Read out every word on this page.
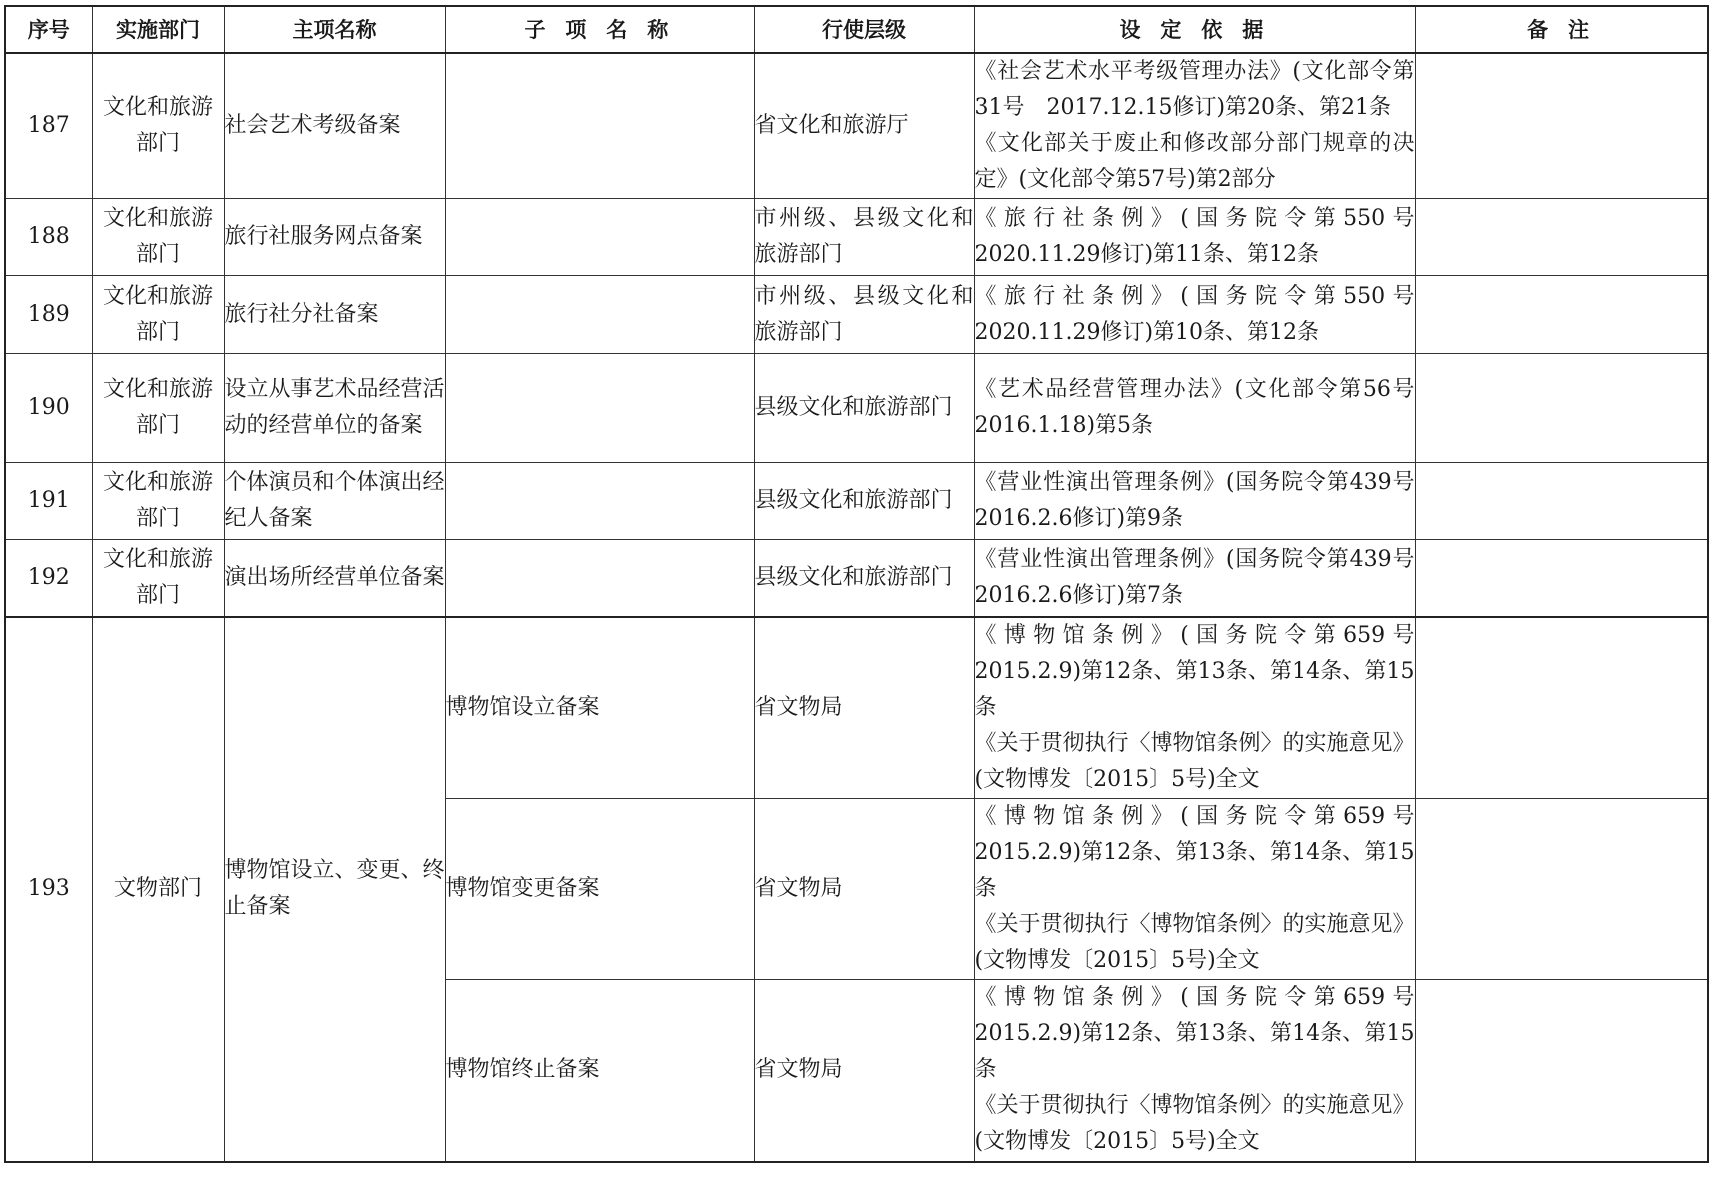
序号	实施部门	主项名称	子 项 名 称	行使层级	设 定 依 据	备 注
187	文化和旅游部门	社会艺术考级备案		省文化和旅游厅	《社会艺术水平考级管理办法》(文化部令第31号　2017.12.15修订)第20条、第21条
《文化部关于废止和修改部分部门规章的决定》(文化部令第57号)第2部分	

188	文化和旅游部门	旅行社服务网点备案		市州级、县级文化和旅游部门	《旅行社条例》(国务院令第550号　2020.11.29修订)第11条、第12条	

189	文化和旅游部门	旅行社分社备案		市州级、县级文化和旅游部门	《旅行社条例》(国务院令第550号　2020.11.29修订)第10条、第12条	

190	文化和旅游部门	设立从事艺术品经营活动的经营单位的备案		县级文化和旅游部门	《艺术品经营管理办法》(文化部令第56号　2016.1.18)第5条	

191	文化和旅游部门	个体演员和个体演出经纪人备案		县级文化和旅游部门	《营业性演出管理条例》(国务院令第439号　2016.2.6修订)第9条	

192	文化和旅游部门	演出场所经营单位备案		县级文化和旅游部门	《营业性演出管理条例》(国务院令第439号　2016.2.6修订)第7条	

193	文物部门	博物馆设立、变更、终止备案	博物馆设立备案	省文物局	《博物馆条例》(国务院令第659号　2015.2.9)第12条、第13条、第14条、第15条
《关于贯彻执行〈博物馆条例〉的实施意见》(文物博发〔2015〕5号)全文	

			博物馆变更备案	省文物局	《博物馆条例》(国务院令第659号　2015.2.9)第12条、第13条、第14条、第15条
《关于贯彻执行〈博物馆条例〉的实施意见》(文物博发〔2015〕5号)全文	

			博物馆终止备案	省文物局	《博物馆条例》(国务院令第659号　2015.2.9)第12条、第13条、第14条、第15条
《关于贯彻执行〈博物馆条例〉的实施意见》(文物博发〔2015〕5号)全文	
